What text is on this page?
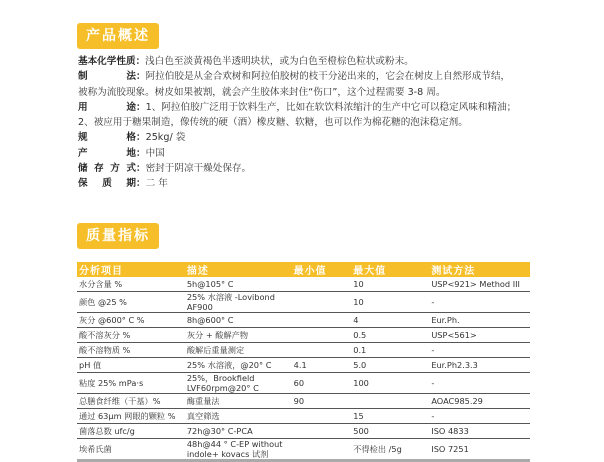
产品概述
基本化学性质：浅白色至淡黄褐色半透明块状，或为白色至橙棕色粒状或粉末。
制　　法：阿拉伯胶是从金合欢树和阿拉伯胶树的枝干分泌出来的，它会在树皮上自然形成节结，
被称为流胶现象。树皮如果被割，就会产生胶体来封住“伤口”，这个过程需要 3-8 周。
用　　途：1、阿拉伯胶广泛用于饮料生产，比如在软饮料浓缩汁的生产中它可以稳定风味和精油；
2、被应用于糖果制造，像传统的硬（酒）橡皮糖、软糖，也可以作为棉花糖的泡沫稳定剂。
规　　格：25kg/ 袋
产　　地：中国
储存方式：密封于阴凉干燥处保存。
保 质 期：二 年
质量指标
分析项目	描述	最小值	最大值	测试方法
水分含量 %	5h@105° C		10	USP<921> Method III
颜色 @25 %	25% 水溶液 -Lovibond AF900		10	-
灰分 @600° C %	8h@600° C		4	Eur.Ph.
酸不溶灰分 %	灰分 + 酸解产物		0.5	USP<561>
酸不溶物质 %	酸解后重量测定		0.1	-
pH 值	25% 水溶液，@20° C	4.1	5.0	Eur.Ph2.3.3
粘度 25% mPa·s	25%，Brookfield LVF60rpm@20° C	60	100	-
总膳食纤维（干基）%	酶重量法	90		AOAC985.29
通过 63μm 网眼的颗粒 %	真空筛选		15	-
菌落总数 ufc/g	72h@30° C-PCA		500	ISO 4833
埃希氏菌	48h@44 ° C-EP without indole+ kovacs 试剂		不得检出 /5g	ISO 7251
